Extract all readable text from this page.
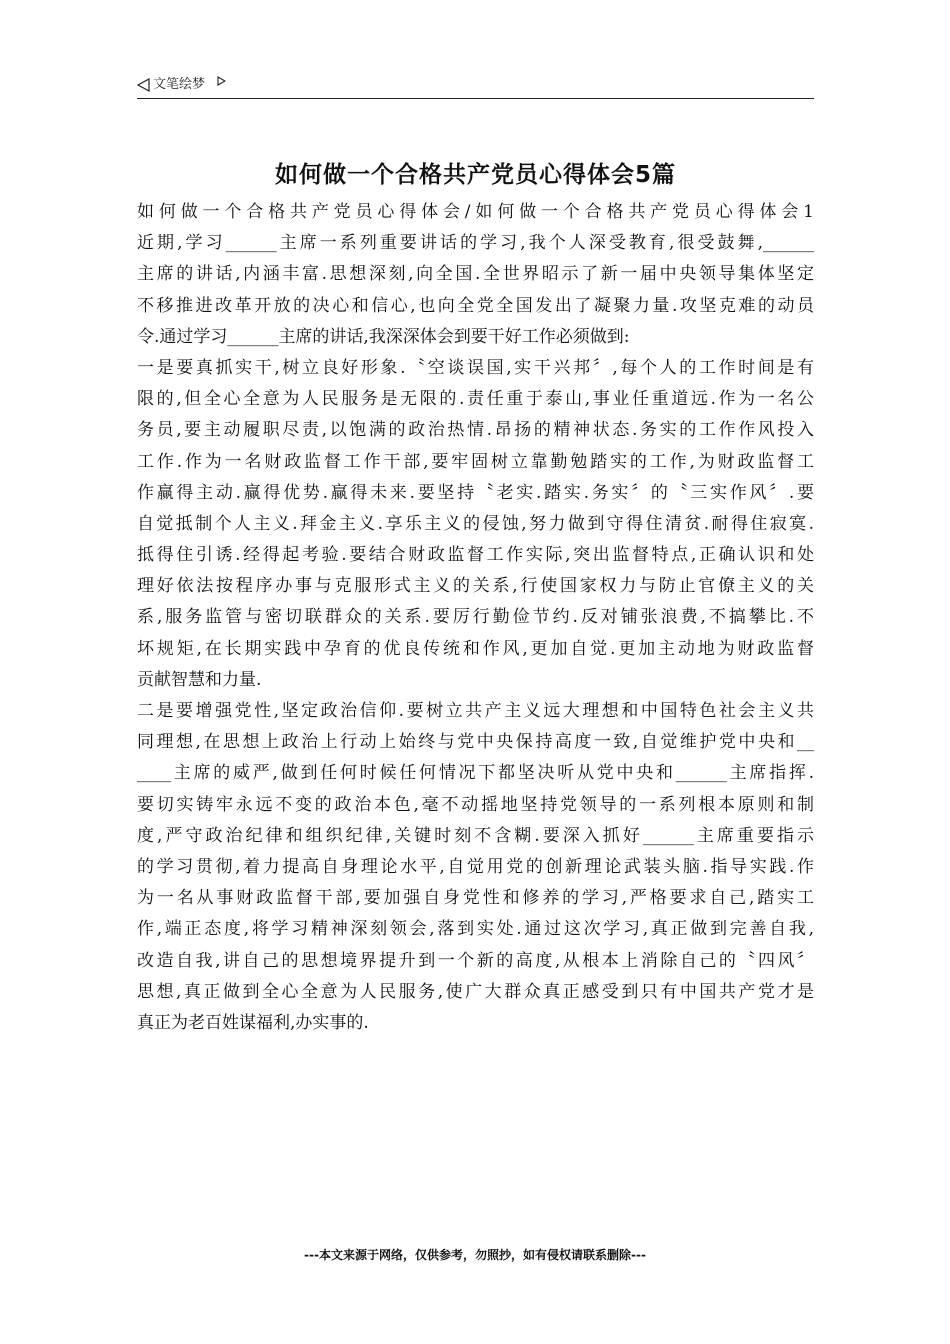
文笔绘梦
如何做一个合格共产党员心得体会5篇
如何做一个合格共产党员心得体会/如何做一个合格共产党员心得体会1
近期,学习______主席一系列重要讲话的学习,我个人深受教育,很受鼓舞,______
主席的讲话,内涵丰富.思想深刻,向全国.全世界昭示了新一届中央领导集体坚定
不移推进改革开放的决心和信心,也向全党全国发出了凝聚力量.攻坚克难的动员
令.通过学习______主席的讲话,我深深体会到要干好工作必须做到:
一是要真抓实干,树立良好形象.〝空谈误国,实干兴邦〞,每个人的工作时间是有
限的,但全心全意为人民服务是无限的.责任重于泰山,事业任重道远.作为一名公
务员,要主动履职尽责,以饱满的政治热情.昂扬的精神状态.务实的工作作风投入
工作.作为一名财政监督工作干部,要牢固树立靠勤勉踏实的工作,为财政监督工
作赢得主动.赢得优势.赢得未来.要坚持〝老实.踏实.务实〞的〝三实作风〞.要
自觉抵制个人主义.拜金主义.享乐主义的侵蚀,努力做到守得住清贫.耐得住寂寞.
抵得住引诱.经得起考验.要结合财政监督工作实际,突出监督特点,正确认识和处
理好依法按程序办事与克服形式主义的关系,行使国家权力与防止官僚主义的关
系,服务监管与密切联群众的关系.要厉行勤俭节约.反对铺张浪费,不搞攀比.不
坏规矩,在长期实践中孕育的优良传统和作风,更加自觉.更加主动地为财政监督
贡献智慧和力量.
二是要增强党性,坚定政治信仰.要树立共产主义远大理想和中国特色社会主义共
同理想,在思想上政治上行动上始终与党中央保持高度一致,自觉维护党中央和__
____主席的威严,做到任何时候任何情况下都坚决听从党中央和______主席指挥.
要切实铸牢永远不变的政治本色,毫不动摇地坚持党领导的一系列根本原则和制
度,严守政治纪律和组织纪律,关键时刻不含糊.要深入抓好______主席重要指示
的学习贯彻,着力提高自身理论水平,自觉用党的创新理论武装头脑.指导实践.作
为一名从事财政监督干部,要加强自身党性和修养的学习,严格要求自己,踏实工
作,端正态度,将学习精神深刻领会,落到实处.通过这次学习,真正做到完善自我,
改造自我,讲自己的思想境界提升到一个新的高度,从根本上消除自己的〝四风〞
思想,真正做到全心全意为人民服务,使广大群众真正感受到只有中国共产党才是
真正为老百姓谋福利,办实事的.
---本文来源于网络，仅供参考，勿照抄，如有侵权请联系删除---
